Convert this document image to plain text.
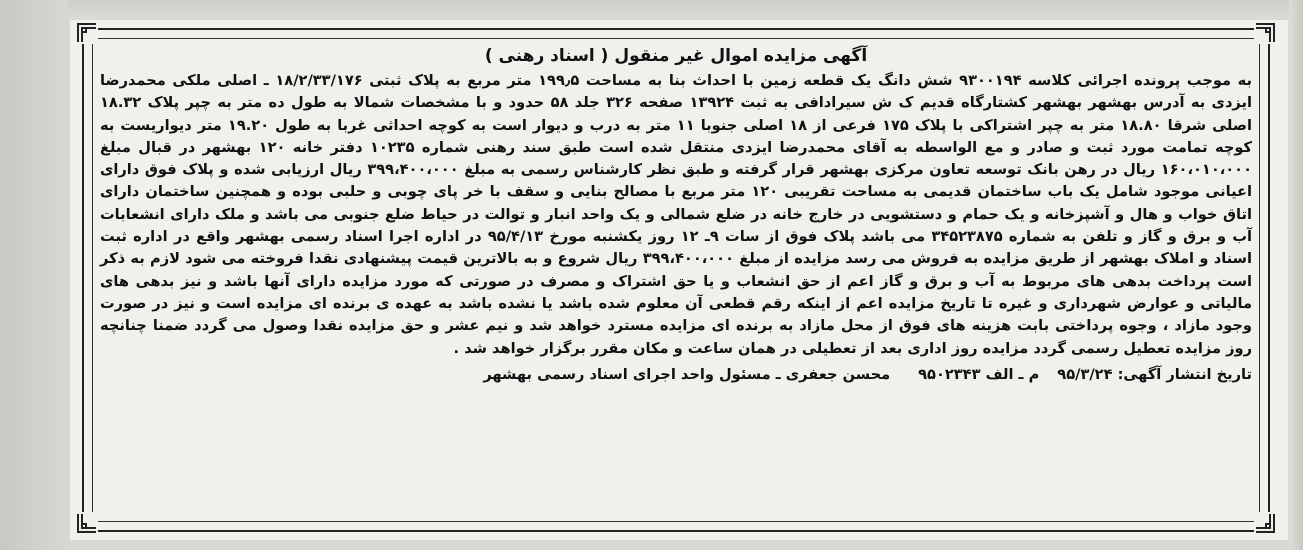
آگهی مزایده اموال غیر منقول ( اسناد رهنی )

به موجب پرونده اجرائی کلاسه ۹۳۰۰۱۹۴ شش دانگ یک قطعه زمین با احداث بنا به مساحت ۱۹۹٫۵ متر مربع به پلاک ثبتی ۱۸/۲/۳۳/۱۷۶ ـ اصلی ملکی محمدرضا ایزدی به آدرس بهشهر بهشهر کشتارگاه قدیم ک ش سیرادافی به ثبت ۱۳۹۲۴ صفحه ۳۲۶ جلد ۵۸ حدود و با مشخصات شمالا به طول ده متر به چپر پلاک ۱۸.۳۲ اصلی شرقا ۱۸.۸۰ متر به چپر اشتراکی با پلاک ۱۷۵ فرعی از ۱۸ اصلی جنوبا ۱۱ متر به درب و دیوار است به کوچه احداثی غربا به طول ۱۹.۲۰ متر دیواریست به کوچه تمامت مورد ثبت و صادر و مع الواسطه به آقای محمدرضا ایزدی منتقل شده است طبق سند رهنی شماره ۱۰۲۳۵ دفتر خانه ۱۲۰ بهشهر در قبال مبلغ ۱۶۰،۰۱۰،۰۰۰ ریال در رهن بانک توسعه تعاون مرکزی بهشهر قرار گرفته و طبق نظر کارشناس رسمی به مبلغ ۳۹۹،۴۰۰،۰۰۰ ریال ارزیابی شده و پلاک فوق دارای اعیانی موجود شامل یک باب ساختمان قدیمی به مساحت تقریبی ۱۲۰ متر مربع با مصالح بنایی و سقف با خر پای چوبی و حلبی بوده و همچنین ساختمان دارای اتاق خواب و هال و آشپزخانه و یک حمام و دستشویی در خارج خانه در ضلع شمالی و یک واحد انبار و توالت در حیاط ضلع جنوبی می باشد و ملک دارای انشعابات آب و برق و گاز و تلفن به شماره ۳۴۵۲۳۸۷۵ می باشد پلاک فوق از سات ۹ـ ۱۲ روز یکشنبه مورخ ۹۵/۴/۱۳ در اداره اجرا اسناد رسمی بهشهر واقع در اداره ثبت اسناد و املاک بهشهر از طریق مزایده به فروش می رسد مزایده از مبلغ ۳۹۹،۴۰۰،۰۰۰ ریال شروع و به بالاترین قیمت پیشنهادی نقدا فروخته می شود لازم به ذکر است پرداخت بدهی های مربوط به آب و برق و گاز اعم از حق انشعاب و یا حق اشتراک و مصرف در صورتی که مورد مزایده دارای آنها باشد و نیز بدهی های مالیاتی و عوارض شهرداری و غیره تا تاریخ مزایده اعم از اینکه رقم قطعی آن معلوم شده باشد یا نشده باشد به عهده ی برنده ای مزایده است و نیز در صورت وجود مازاد ، وجوه پرداختی بابت هزینه های فوق از محل مازاد به برنده ای مزایده مسترد خواهد شد و نیم عشر و حق مزایده نقدا وصول می گردد ضمنا چنانچه روز مزایده تعطیل رسمی گردد مزایده روز اداری بعد از تعطیلی در همان ساعت و مکان مقرر برگزار خواهد شد .

تاریخ انتشار آگهی: ۹۵/۳/۲۴
م ـ الف ۹۵۰۲۳۴۳
محسن جعفری ـ مسئول واحد اجرای اسناد رسمی بهشهر
